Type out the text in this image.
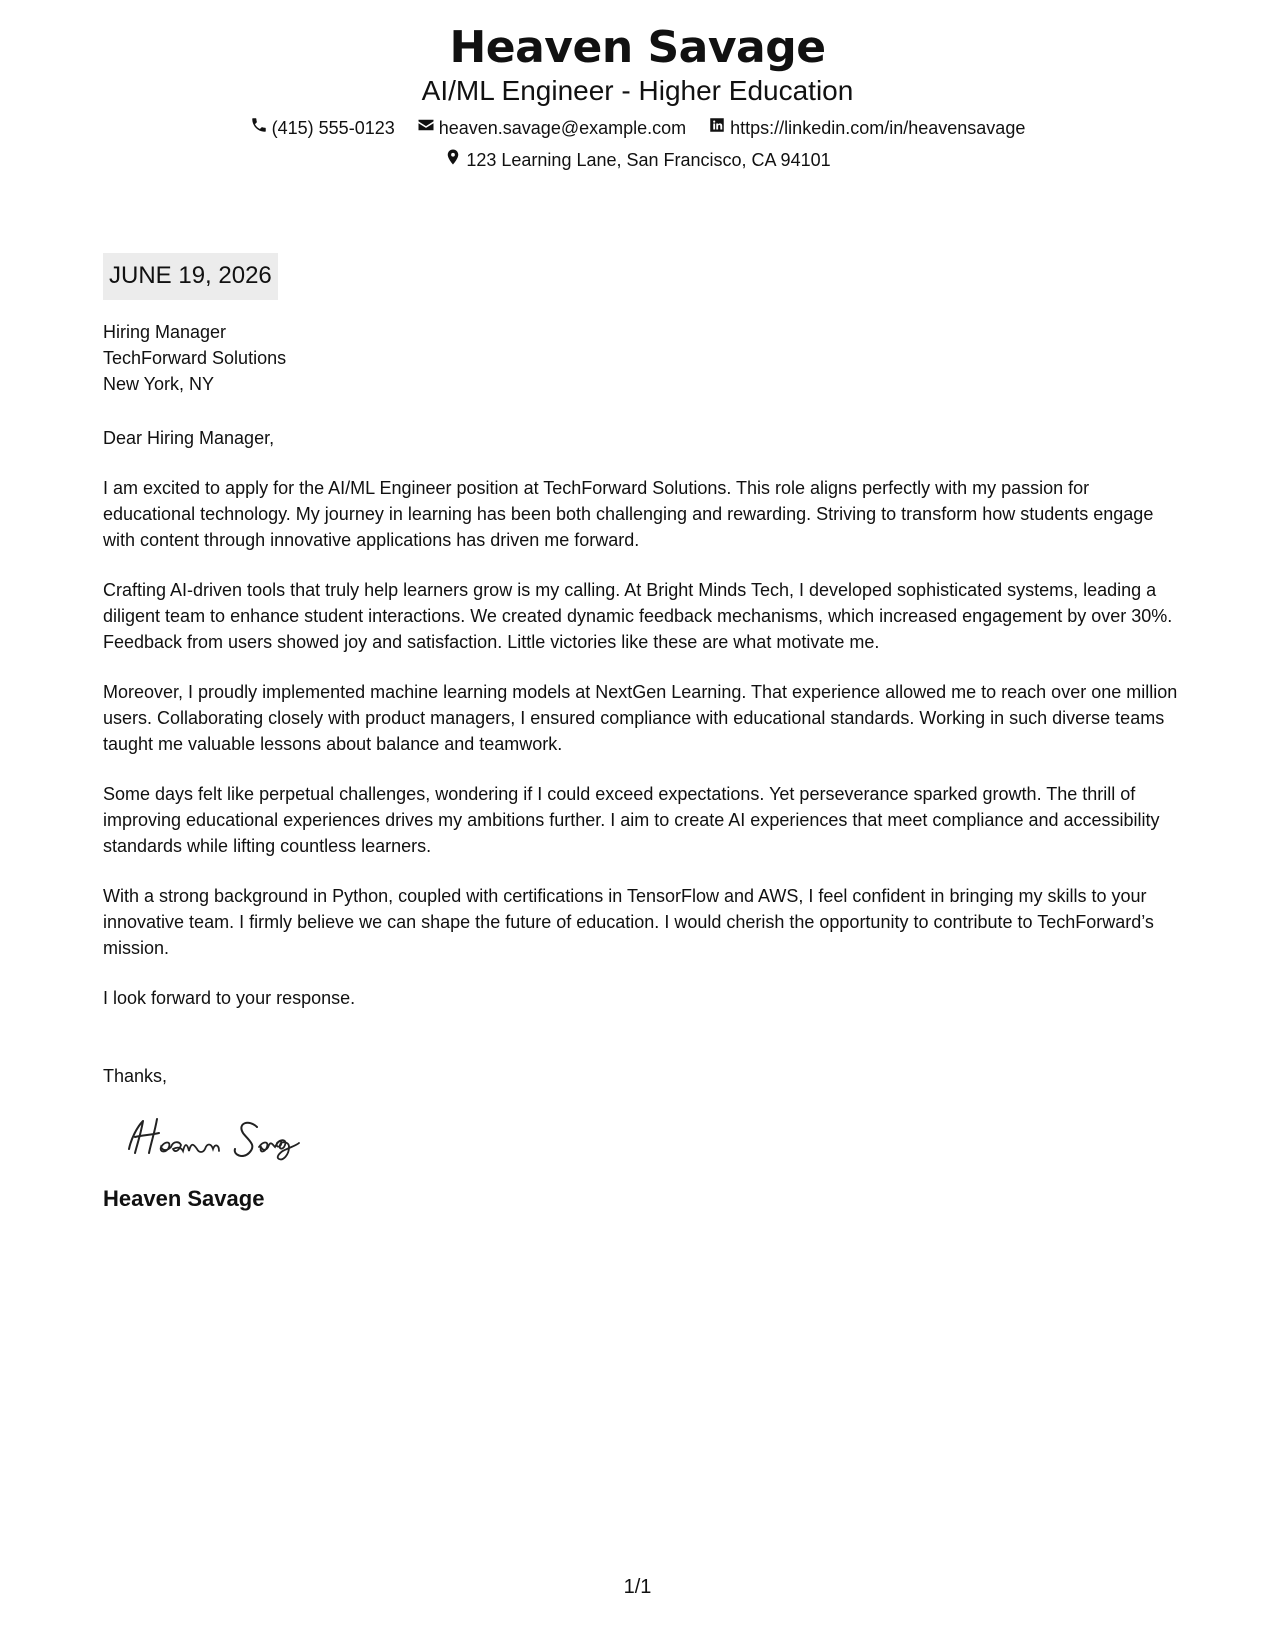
Heaven Savage
AI/ML Engineer - Higher Education
(415) 555-0123 heaven.savage@example.com https://linkedin.com/in/heavensavage
123 Learning Lane, San Francisco, CA 94101
JUNE 19, 2026
Hiring Manager
TechForward Solutions
New York, NY
Dear Hiring Manager,
I am excited to apply for the AI/ML Engineer position at TechForward Solutions. This role aligns perfectly with my passion for educational technology. My journey in learning has been both challenging and rewarding. Striving to transform how students engage with content through innovative applications has driven me forward.
Crafting AI-driven tools that truly help learners grow is my calling. At Bright Minds Tech, I developed sophisticated systems, leading a diligent team to enhance student interactions. We created dynamic feedback mechanisms, which increased engagement by over 30%. Feedback from users showed joy and satisfaction. Little victories like these are what motivate me.
Moreover, I proudly implemented machine learning models at NextGen Learning. That experience allowed me to reach over one million users. Collaborating closely with product managers, I ensured compliance with educational standards. Working in such diverse teams taught me valuable lessons about balance and teamwork.
Some days felt like perpetual challenges, wondering if I could exceed expectations. Yet perseverance sparked growth. The thrill of improving educational experiences drives my ambitions further. I aim to create AI experiences that meet compliance and accessibility standards while lifting countless learners.
With a strong background in Python, coupled with certifications in TensorFlow and AWS, I feel confident in bringing my skills to your innovative team. I firmly believe we can shape the future of education. I would cherish the opportunity to contribute to TechForward’s mission.
I look forward to your response.
Thanks,
Heaven Savage
1/1
